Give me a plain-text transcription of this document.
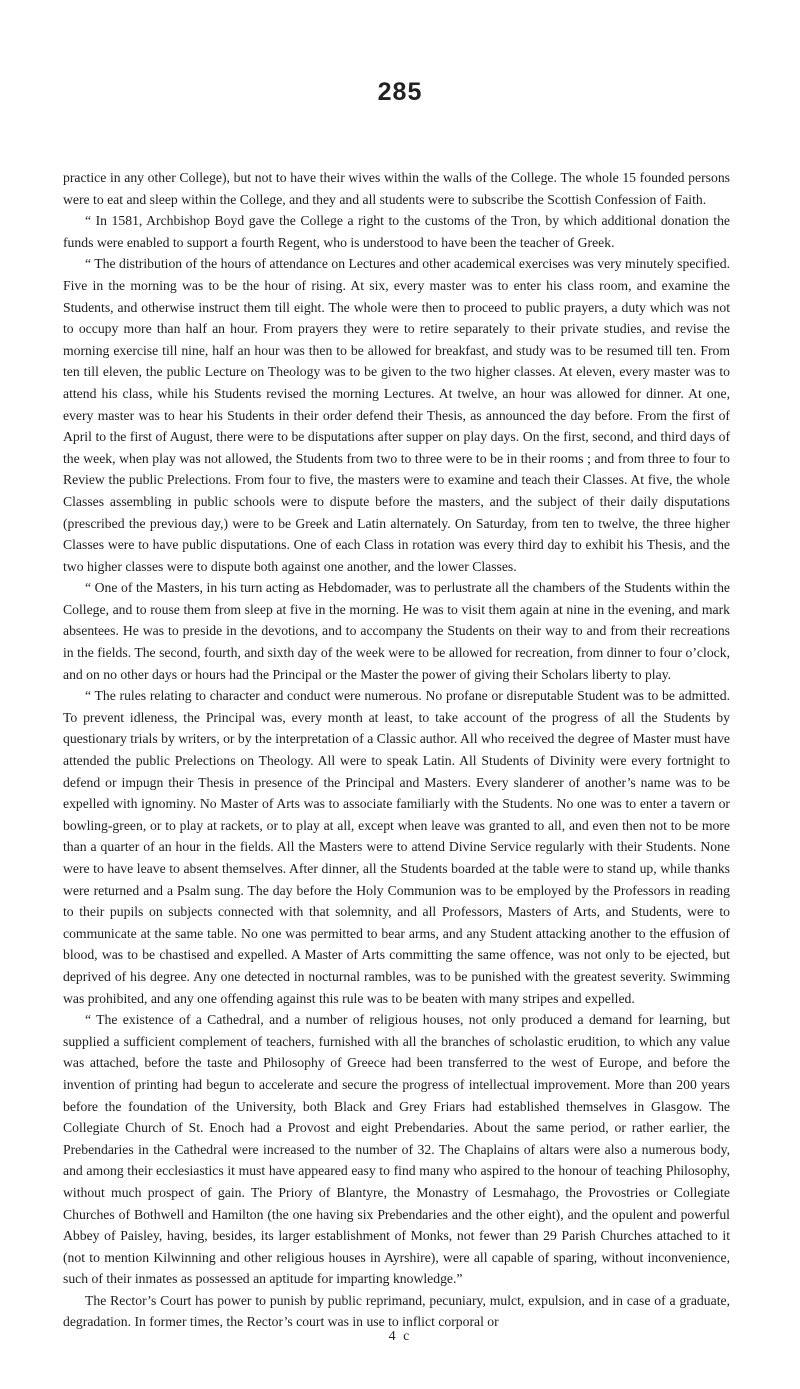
285

practice in any other College), but not to have their wives within the walls of the College. The whole 15 founded persons were to eat and sleep within the College, and they and all students were to subscribe the Scottish Confession of Faith.

“ In 1581, Archbishop Boyd gave the College a right to the customs of the Tron, by which additional donation the funds were enabled to support a fourth Regent, who is understood to have been the teacher of Greek.

“ The distribution of the hours of attendance on Lectures and other academical exercises was very minutely specified. Five in the morning was to be the hour of rising. At six, every master was to enter his class room, and examine the Students, and otherwise instruct them till eight. The whole were then to proceed to public prayers, a duty which was not to occupy more than half an hour. From prayers they were to retire separately to their private studies, and revise the morning exercise till nine, half an hour was then to be allowed for breakfast, and study was to be resumed till ten. From ten till eleven, the public Lecture on Theology was to be given to the two higher classes. At eleven, every master was to attend his class, while his Students revised the morning Lectures. At twelve, an hour was allowed for dinner. At one, every master was to hear his Students in their order defend their Thesis, as announced the day before. From the first of April to the first of August, there were to be disputations after supper on play days. On the first, second, and third days of the week, when play was not allowed, the Students from two to three were to be in their rooms ; and from three to four to Review the public Prelections. From four to five, the masters were to examine and teach their Classes. At five, the whole Classes assembling in public schools were to dispute before the masters, and the subject of their daily disputations (prescribed the previous day,) were to be Greek and Latin alternately. On Saturday, from ten to twelve, the three higher Classes were to have public disputations. One of each Class in rotation was every third day to exhibit his Thesis, and the two higher classes were to dispute both against one another, and the lower Classes.

“ One of the Masters, in his turn acting as Hebdomader, was to perlustrate all the chambers of the Students within the College, and to rouse them from sleep at five in the morning. He was to visit them again at nine in the evening, and mark absentees. He was to preside in the devotions, and to accompany the Students on their way to and from their recreations in the fields. The second, fourth, and sixth day of the week were to be allowed for recreation, from dinner to four o’clock, and on no other days or hours had the Principal or the Master the power of giving their Scholars liberty to play.

“ The rules relating to character and conduct were numerous. No profane or disreputable Student was to be admitted. To prevent idleness, the Principal was, every month at least, to take account of the progress of all the Students by questionary trials by writers, or by the interpretation of a Classic author. All who received the degree of Master must have attended the public Prelections on Theology. All were to speak Latin. All Students of Divinity were every fortnight to defend or impugn their Thesis in presence of the Principal and Masters. Every slanderer of another’s name was to be expelled with ignominy. No Master of Arts was to associate familiarly with the Students. No one was to enter a tavern or bowling-green, or to play at rackets, or to play at all, except when leave was granted to all, and even then not to be more than a quarter of an hour in the fields. All the Masters were to attend Divine Service regularly with their Students. None were to have leave to absent themselves. After dinner, all the Students boarded at the table were to stand up, while thanks were returned and a Psalm sung. The day before the Holy Communion was to be employed by the Professors in reading to their pupils on subjects connected with that solemnity, and all Professors, Masters of Arts, and Students, were to communicate at the same table. No one was permitted to bear arms, and any Student attacking another to the effusion of blood, was to be chastised and expelled. A Master of Arts committing the same offence, was not only to be ejected, but deprived of his degree. Any one detected in nocturnal rambles, was to be punished with the greatest severity. Swimming was prohibited, and any one offending against this rule was to be beaten with many stripes and expelled.

“ The existence of a Cathedral, and a number of religious houses, not only produced a demand for learning, but supplied a sufficient complement of teachers, furnished with all the branches of scholastic erudition, to which any value was attached, before the taste and Philosophy of Greece had been transferred to the west of Europe, and before the invention of printing had begun to accelerate and secure the progress of intellectual improvement. More than 200 years before the foundation of the University, both Black and Grey Friars had established themselves in Glasgow. The Collegiate Church of St. Enoch had a Provost and eight Prebendaries. About the same period, or rather earlier, the Prebendaries in the Cathedral were increased to the number of 32. The Chaplains of altars were also a numerous body, and among their ecclesiastics it must have appeared easy to find many who aspired to the honour of teaching Philosophy, without much prospect of gain. The Priory of Blantyre, the Monastry of Lesmahago, the Provostries or Collegiate Churches of Bothwell and Hamilton (the one having six Prebendaries and the other eight), and the opulent and powerful Abbey of Paisley, having, besides, its larger establishment of Monks, not fewer than 29 Parish Churches attached to it (not to mention Kilwinning and other religious houses in Ayrshire), were all capable of sparing, without inconvenience, such of their inmates as possessed an aptitude for imparting knowledge.”

The Rector’s Court has power to punish by public reprimand, pecuniary, mulct, expulsion, and in case of a graduate, degradation. In former times, the Rector’s court was in use to inflict corporal or

4 c
